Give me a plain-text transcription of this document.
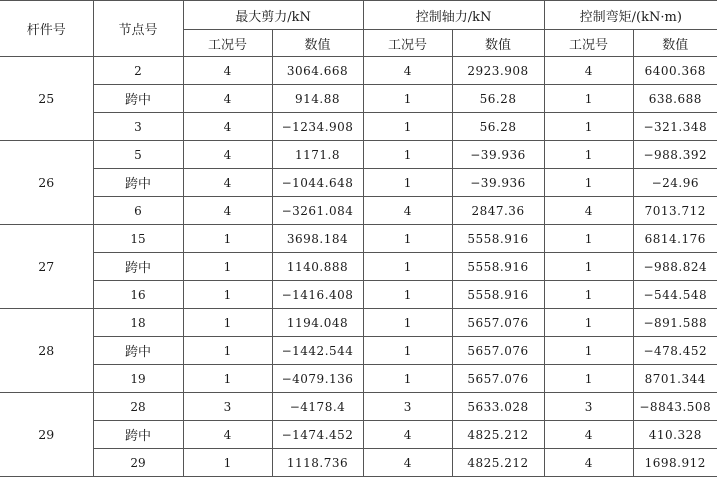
杆件号	节点号	最大剪力/kN		控制轴力/kN		控制弯矩/(kN·m)	
		工况号	数值	工况号	数值	工况号	数值
25	2	4	3064.668	4	2923.908	4	6400.368
	跨中	4	914.88	1	56.28	1	638.688
	3	4	−1234.908	1	56.28	1	−321.348
26	5	4	1171.8	1	−39.936	1	−988.392
	跨中	4	−1044.648	1	−39.936	1	−24.96
	6	4	−3261.084	4	2847.36	4	7013.712
27	15	1	3698.184	1	5558.916	1	6814.176
	跨中	1	1140.888	1	5558.916	1	−988.824
	16	1	−1416.408	1	5558.916	1	−544.548
28	18	1	1194.048	1	5657.076	1	−891.588
	跨中	1	−1442.544	1	5657.076	1	−478.452
	19	1	−4079.136	1	5657.076	1	8701.344
29	28	3	−4178.4	3	5633.028	3	−8843.508
	跨中	4	−1474.452	4	4825.212	4	410.328
	29	1	1118.736	4	4825.212	4	1698.912
